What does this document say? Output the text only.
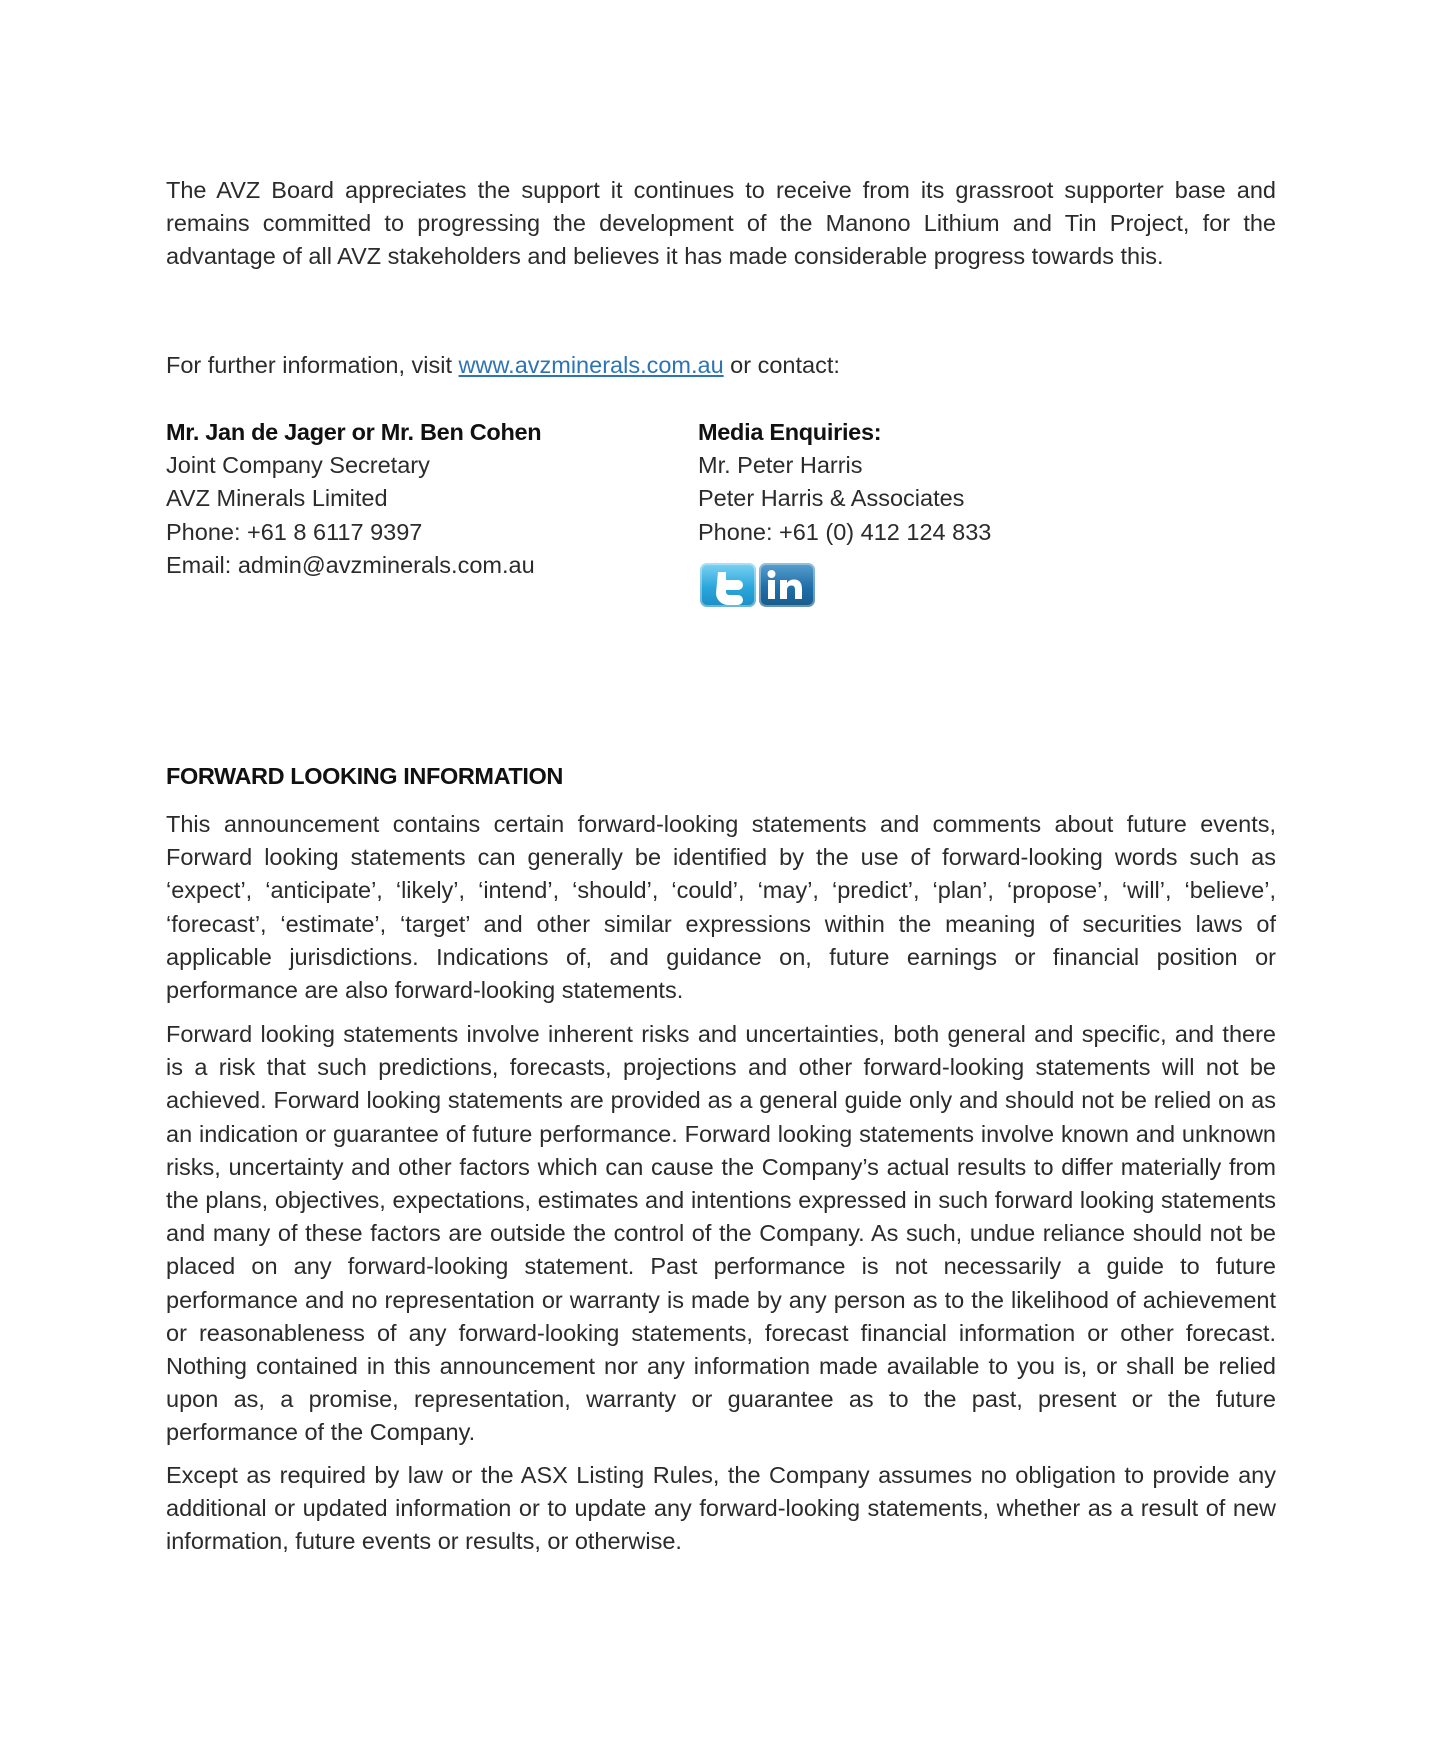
The AVZ Board appreciates the support it continues to receive from its grassroot supporter base and remains committed to progressing the development of the Manono Lithium and Tin Project, for the advantage of all AVZ stakeholders and believes it has made considerable progress towards this.

For further information, visit www.avzminerals.com.au or contact:

Mr. Jan de Jager or Mr. Ben Cohen
Joint Company Secretary
AVZ Minerals Limited
Phone: +61 8 6117 9397
Email: admin@avzminerals.com.au
Media Enquiries:
Mr. Peter Harris
Peter Harris & Associates
Phone: +61 (0) 412 124 833
FORWARD LOOKING INFORMATION

This announcement contains certain forward-looking statements and comments about future events, Forward looking statements can generally be identified by the use of forward-looking words such as ‘expect’, ‘anticipate’, ‘likely’, ‘intend’, ‘should’, ‘could’, ‘may’, ‘predict’, ‘plan’, ‘propose’, ‘will’, ‘believe’, ‘forecast’, ‘estimate’, ‘target’ and other similar expressions within the meaning of securities laws of applicable jurisdictions. Indications of, and guidance on, future earnings or financial position or performance are also forward-looking statements.

Forward looking statements involve inherent risks and uncertainties, both general and specific, and there is a risk that such predictions, forecasts, projections and other forward-looking statements will not be achieved. Forward looking statements are provided as a general guide only and should not be relied on as an indication or guarantee of future performance. Forward looking statements involve known and unknown risks, uncertainty and other factors which can cause the Company’s actual results to differ materially from the plans, objectives, expectations, estimates and intentions expressed in such forward looking statements and many of these factors are outside the control of the Company. As such, undue reliance should not be placed on any forward-looking statement. Past performance is not necessarily a guide to future performance and no representation or warranty is made by any person as to the likelihood of achievement or reasonableness of any forward-looking statements, forecast financial information or other forecast. Nothing contained in this announcement nor any information made available to you is, or shall be relied upon as, a promise, representation, warranty or guarantee as to the past, present or the future performance of the Company.

Except as required by law or the ASX Listing Rules, the Company assumes no obligation to provide any additional or updated information or to update any forward-looking statements, whether as a result of new information, future events or results, or otherwise.
